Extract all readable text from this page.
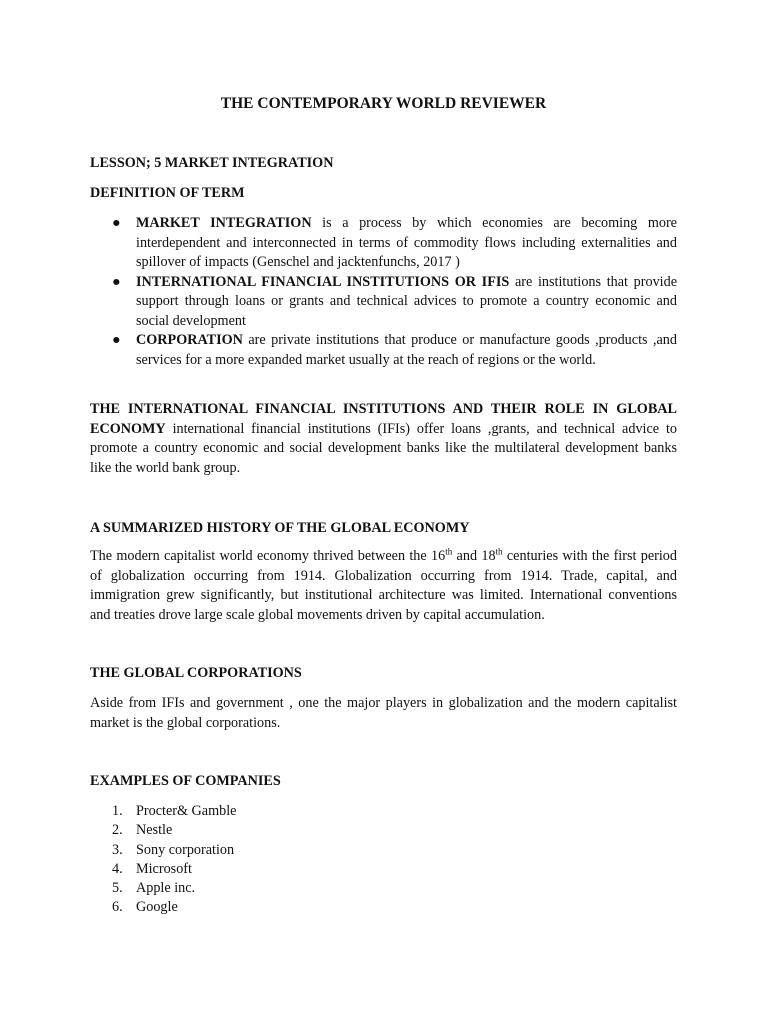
THE CONTEMPORARY WORLD REVIEWER
LESSON; 5 MARKET INTEGRATION
DEFINITION OF TERM
● MARKET INTEGRATION is a process by which economies are becoming more interdependent and interconnected in terms of commodity flows including externalities and spillover of impacts (Genschel and jacktenfunchs, 2017 )
● INTERNATIONAL FINANCIAL INSTITUTIONS OR IFIS are institutions that provide support through loans or grants and technical advices to promote a country economic and social development
● CORPORATION are private institutions that produce or manufacture goods ,products ,and services for a more expanded market usually at the reach of regions or the world.
THE INTERNATIONAL FINANCIAL INSTITUTIONS AND THEIR ROLE IN GLOBAL ECONOMY international financial institutions (IFIs) offer loans ,grants, and technical advice to promote a country economic and social development banks like the multilateral development banks like the world bank group.
A SUMMARIZED HISTORY OF THE GLOBAL ECONOMY
The modern capitalist world economy thrived between the 16th and 18th centuries with the first period of globalization occurring from 1914. Globalization occurring from 1914. Trade, capital, and immigration grew significantly, but institutional architecture was limited. International conventions and treaties drove large scale global movements driven by capital accumulation.
THE GLOBAL CORPORATIONS
Aside from IFIs and government , one the major players in globalization and the modern capitalist market is the global corporations.
EXAMPLES OF COMPANIES
1. Procter& Gamble
2. Nestle
3. Sony corporation
4. Microsoft
5. Apple inc.
6. Google
